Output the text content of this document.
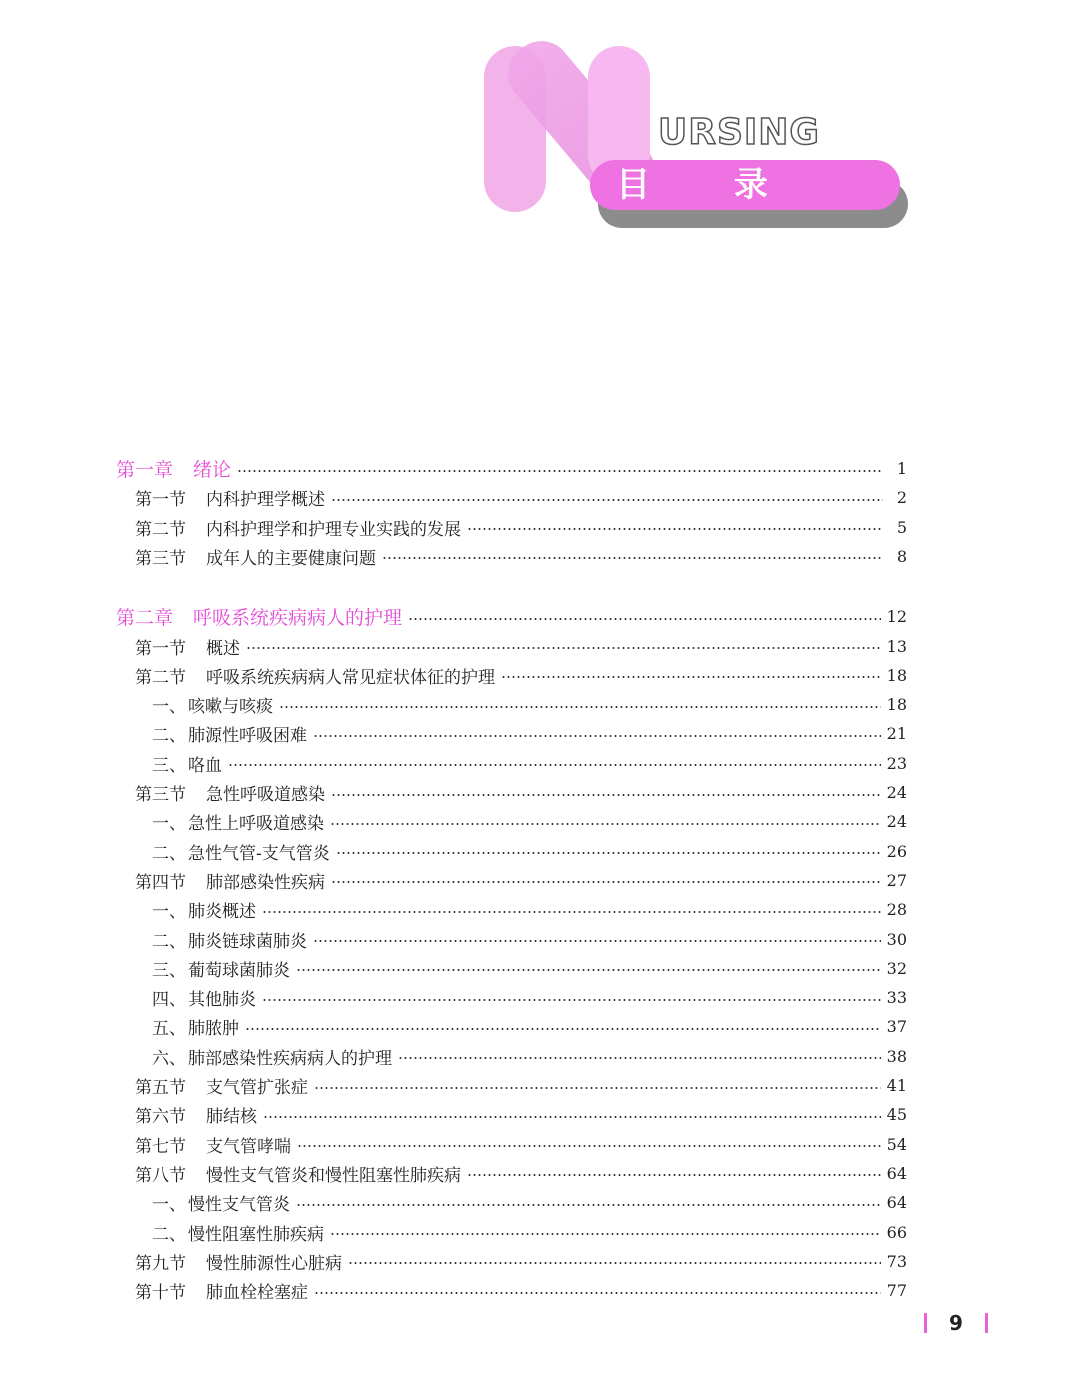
URSING
目 录
第一章 绪论	1
第一节 内科护理学概述	2
第二节 内科护理学和护理专业实践的发展	5
第三节 成年人的主要健康问题	8
第二章 呼吸系统疾病病人的护理	12
第一节 概述	13
第二节 呼吸系统疾病病人常见症状体征的护理	18
一、 咳嗽与咳痰	18
二、 肺源性呼吸困难	21
三、 咯血	23
第三节 急性呼吸道感染	24
一、 急性上呼吸道感染	24
二、 急性气管-支气管炎	26
第四节 肺部感染性疾病	27
一、 肺炎概述	28
二、 肺炎链球菌肺炎	30
三、 葡萄球菌肺炎	32
四、 其他肺炎	33
五、 肺脓肿	37
六、 肺部感染性疾病病人的护理	38
第五节 支气管扩张症	41
第六节 肺结核	45
第七节 支气管哮喘	54
第八节 慢性支气管炎和慢性阻塞性肺疾病	64
一、 慢性支气管炎	64
二、 慢性阻塞性肺疾病	66
第九节 慢性肺源性心脏病	73
第十节 肺血栓栓塞症	77
9
